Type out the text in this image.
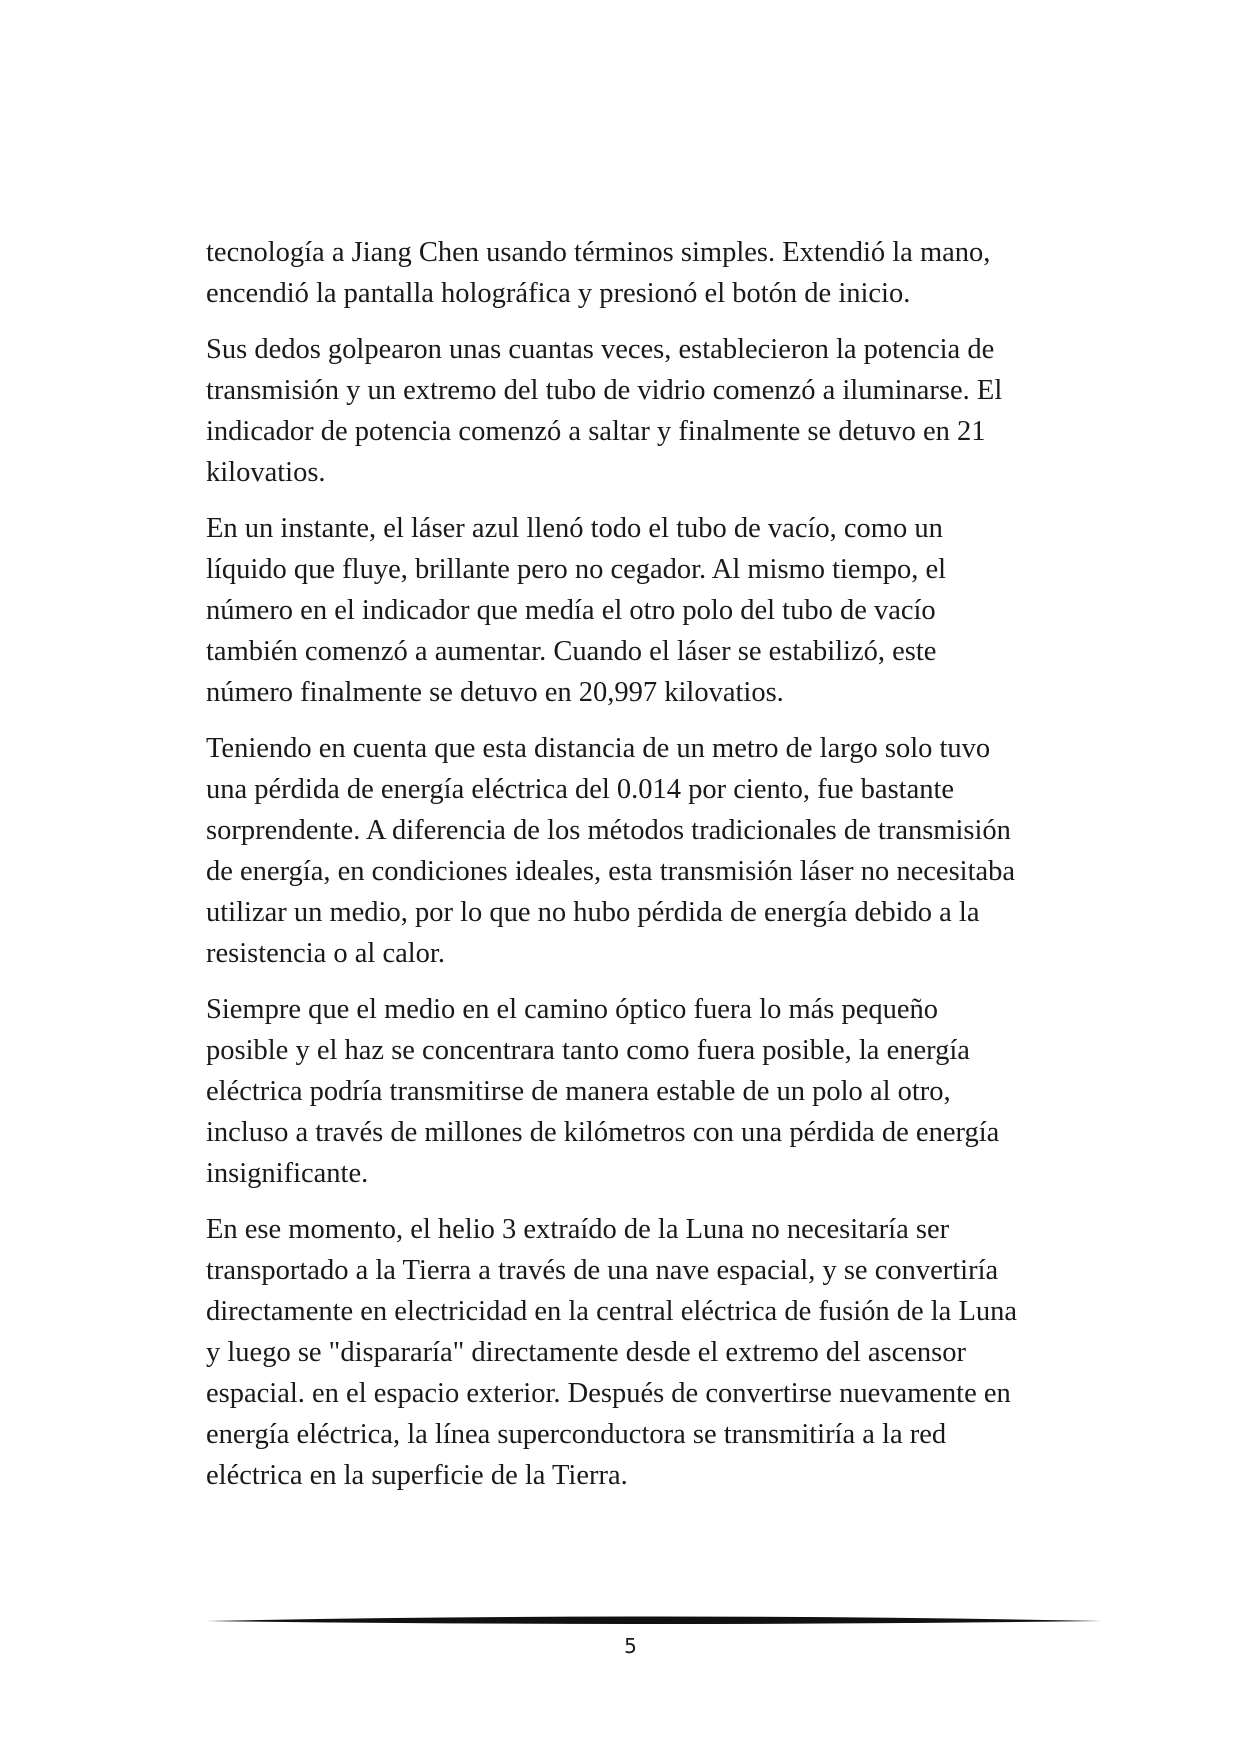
tecnología a Jiang Chen usando términos simples. Extendió la mano,
encendió la pantalla holográfica y presionó el botón de inicio.

Sus dedos golpearon unas cuantas veces, establecieron la potencia de
transmisión y un extremo del tubo de vidrio comenzó a iluminarse. El
indicador de potencia comenzó a saltar y finalmente se detuvo en 21
kilovatios.

En un instante, el láser azul llenó todo el tubo de vacío, como un
líquido que fluye, brillante pero no cegador. Al mismo tiempo, el
número en el indicador que medía el otro polo del tubo de vacío
también comenzó a aumentar. Cuando el láser se estabilizó, este
número finalmente se detuvo en 20,997 kilovatios.

Teniendo en cuenta que esta distancia de un metro de largo solo tuvo
una pérdida de energía eléctrica del 0.014 por ciento, fue bastante
sorprendente. A diferencia de los métodos tradicionales de transmisión
de energía, en condiciones ideales, esta transmisión láser no necesitaba
utilizar un medio, por lo que no hubo pérdida de energía debido a la
resistencia o al calor.

Siempre que el medio en el camino óptico fuera lo más pequeño
posible y el haz se concentrara tanto como fuera posible, la energía
eléctrica podría transmitirse de manera estable de un polo al otro,
incluso a través de millones de kilómetros con una pérdida de energía
insignificante.

En ese momento, el helio 3 extraído de la Luna no necesitaría ser
transportado a la Tierra a través de una nave espacial, y se convertiría
directamente en electricidad en la central eléctrica de fusión de la Luna
y luego se "dispararía" directamente desde el extremo del ascensor
espacial. en el espacio exterior. Después de convertirse nuevamente en
energía eléctrica, la línea superconductora se transmitiría a la red
eléctrica en la superficie de la Tierra.

5
